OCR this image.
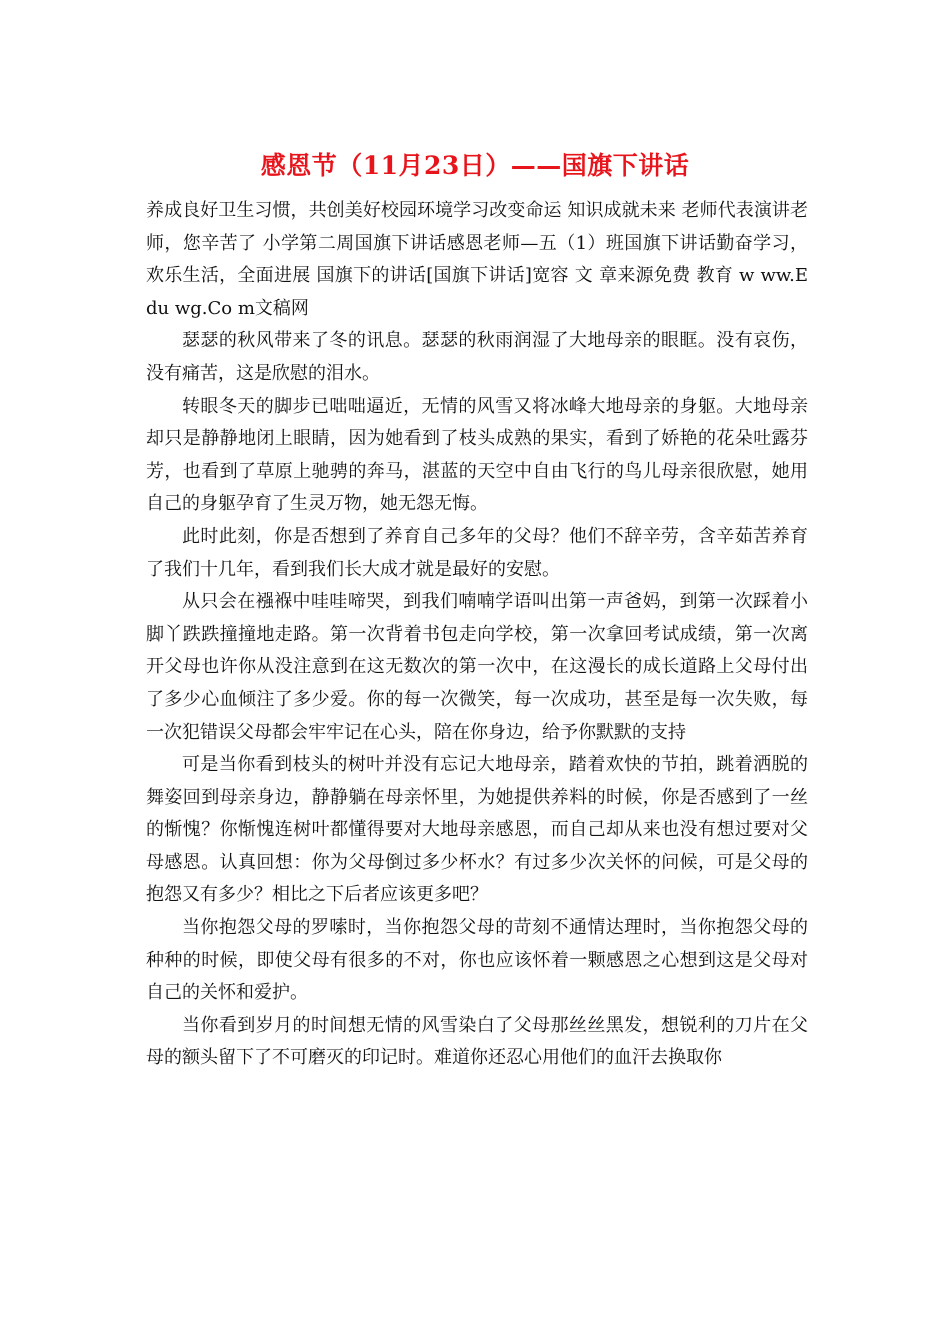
感恩节（11月23日）——国旗下讲话

养成良好卫生习惯，共创美好校园环境学习改变命运 知识成就未来 老师代表演讲老师，您辛苦了 小学第二周国旗下讲话感恩老师—五（1）班国旗下讲话勤奋学习，欢乐生活，全面进展 国旗下的讲话[国旗下讲话]宽容 文 章来源免费 教育 w ww.Edu wg.Co m文稿网

瑟瑟的秋风带来了冬的讯息。瑟瑟的秋雨润湿了大地母亲的眼眶。没有哀伤，没有痛苦，这是欣慰的泪水。

转眼冬天的脚步已咄咄逼近，无情的风雪又将冰峰大地母亲的身躯。大地母亲却只是静静地闭上眼睛，因为她看到了枝头成熟的果实，看到了娇艳的花朵吐露芬芳，也看到了草原上驰骋的奔马，湛蓝的天空中自由飞行的鸟儿母亲很欣慰，她用自己的身躯孕育了生灵万物，她无怨无悔。

此时此刻，你是否想到了养育自己多年的父母？他们不辞辛劳，含辛茹苦养育了我们十几年，看到我们长大成才就是最好的安慰。

从只会在襁褓中哇哇啼哭，到我们喃喃学语叫出第一声爸妈，到第一次踩着小脚丫跌跌撞撞地走路。第一次背着书包走向学校，第一次拿回考试成绩，第一次离开父母也许你从没注意到在这无数次的第一次中，在这漫长的成长道路上父母付出了多少心血倾注了多少爱。你的每一次微笑，每一次成功，甚至是每一次失败，每一次犯错误父母都会牢牢记在心头，陪在你身边，给予你默默的支持

可是当你看到枝头的树叶并没有忘记大地母亲，踏着欢快的节拍，跳着洒脱的舞姿回到母亲身边，静静躺在母亲怀里，为她提供养料的时候，你是否感到了一丝的惭愧？你惭愧连树叶都懂得要对大地母亲感恩，而自己却从来也没有想过要对父母感恩。认真回想：你为父母倒过多少杯水？有过多少次关怀的问候，可是父母的抱怨又有多少？相比之下后者应该更多吧？

当你抱怨父母的罗嗦时，当你抱怨父母的苛刻不通情达理时，当你抱怨父母的种种的时候，即使父母有很多的不对，你也应该怀着一颗感恩之心想到这是父母对自己的关怀和爱护。

当你看到岁月的时间想无情的风雪染白了父母那丝丝黑发，想锐利的刀片在父母的额头留下了不可磨灭的印记时。难道你还忍心用他们的血汗去换取你
